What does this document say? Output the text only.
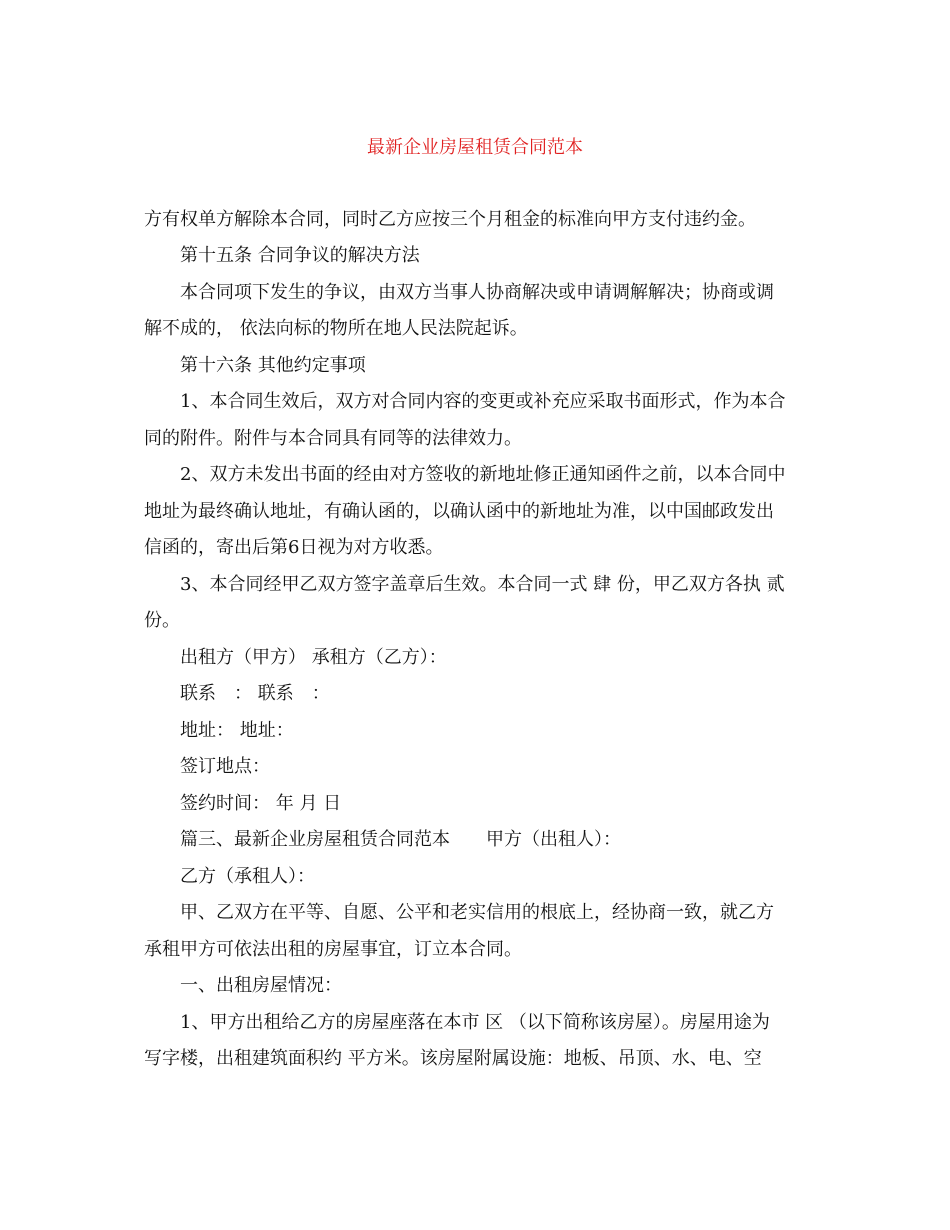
最新企业房屋租赁合同范本
方有权单方解除本合同，同时乙方应按三个月租金的标准向甲方支付违约金。
第十五条 合同争议的解决方法
本合同项下发生的争议，由双方当事人协商解决或申请调解解决；协商或调
解不成的， 依法向标的物所在地人民法院起诉。
第十六条 其他约定事项
1、本合同生效后，双方对合同内容的变更或补充应采取书面形式，作为本合
同的附件。附件与本合同具有同等的法律效力。
2、双方未发出书面的经由对方签收的新地址修正通知函件之前，以本合同中
地址为最终确认地址，有确认函的，以确认函中的新地址为准，以中国邮政发出
信函的，寄出后第6日视为对方收悉。
3、本合同经甲乙双方签字盖章后生效。本合同一式 肆 份，甲乙双方各执 贰
份。
出租方（甲方） 承租方（乙方）：
联系　： 联系　：
地址： 地址：
签订地点：
签约时间： 年 月 日
篇三、最新企业房屋租赁合同范本　　甲方（出租人）：
乙方（承租人）：
甲、乙双方在平等、自愿、公平和老实信用的根底上，经协商一致，就乙方
承租甲方可依法出租的房屋事宜，订立本合同。
一、出租房屋情况：
1、甲方出租给乙方的房屋座落在本市 区 （以下简称该房屋）。房屋用途为
写字楼，出租建筑面积约 平方米。该房屋附属设施：地板、吊顶、水、电、空
